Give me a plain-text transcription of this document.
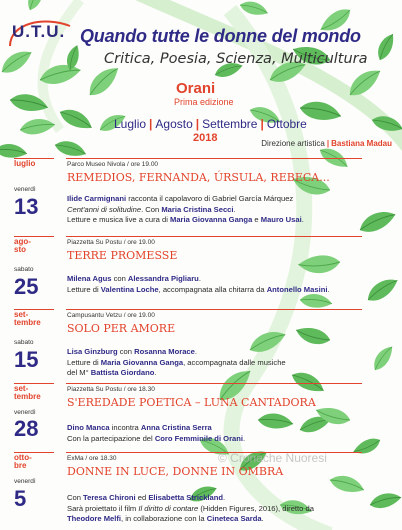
U.T.U. Quando tutte le donne del mondo
Critica, Poesia, Scienza, Multicultura
Orani
Prima edizione
Luglio | Agosto | Settembre | Ottobre
2018	Direzione artistica | Bastiana Madau
luglio	Parco Museo Nivola / ore 19.00
REMEDIOS, FERNANDA, ÚRSULA, REBECA...
venerdì
13	Ilide Carmignani racconta il capolavoro di Gabriel García Márquez

Cent'anni di solitudine. Con Maria Cristina Secci.

Letture e musica live a cura di Maria Giovanna Ganga e Mauro Usai.

ago-
sto
Piazzetta Su Postu / ore 19.00
TERRE PROMESSE
sabato
25	Milena Agus con Alessandra Pigliaru.

Letture di Valentina Loche, accompagnata alla chitarra da Antonello Masini.

set-
tembre
Campusantu Vetzu / ore 19.00
SOLO PER AMORE
sabato
15	Lisa Ginzburg con Rosanna Morace.

Letture di Maria Giovanna Ganga, accompagnata dalle musiche

del M° Battista Giordano.

set-
tembre
Piazzetta Su Postu / ore 18.30
S'EREDADE POETICA – LUNA CANTADORA
venerdì
28	Dino Manca incontra Anna Cristina Serra

Con la partecipazione del Coro Femminile di Orani.

otto-
bre
ExMa / ore 18.30
DONNE IN LUCE, DONNE IN OMBRA
venerdì
5	Con Teresa Chironi ed Elisabetta Strickland.

Sarà proiettato il film Il diritto di contare (Hidden Figures, 2016), diretto da

Theodore Melfi, in collaborazione con la Cineteca Sarda.

© Cronache Nuoresi
